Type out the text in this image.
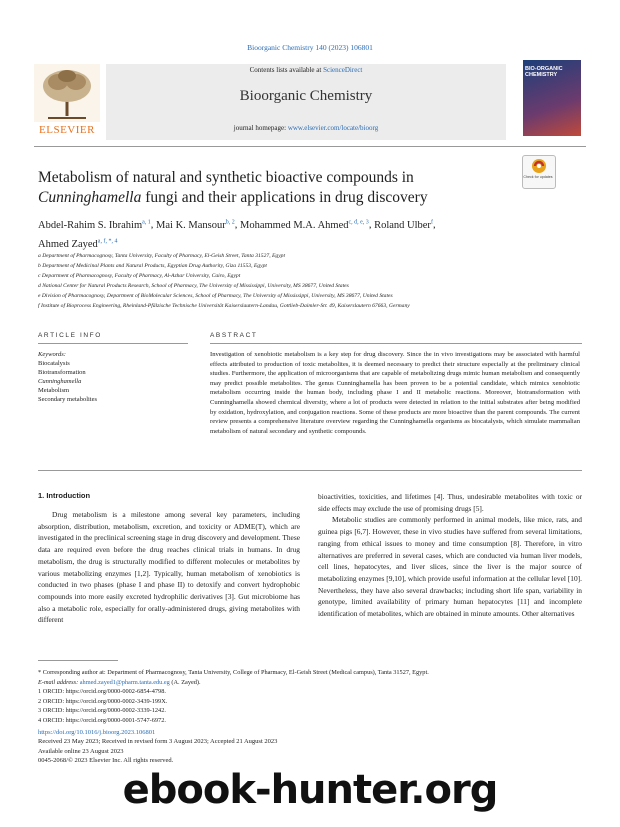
Bioorganic Chemistry 140 (2023) 106801
ELSEVIER
Contents lists available at ScienceDirect
Bioorganic Chemistry
journal homepage: www.elsevier.com/locate/bioorg
BIO-ORGANIC CHEMISTRY
Metabolism of natural and synthetic bioactive compounds in
Cunninghamella fungi and their applications in drug discovery
Check for updates
Abdel-Rahim S. Ibrahim$^{a, 1}$, Mai K. Mansour$^{b, 2}$, Mohammed M.A. Ahmed$^{c, d, e, 3}$, Roland Ulber$^f$,
Ahmed Zayed$^{a, f, *, 4}$
a Department of Pharmacognosy, Tanta University, Faculty of Pharmacy, El-Geish Street, Tanta 31527, Egypt
b Department of Medicinal Plants and Natural Products, Egyptian Drug Authority, Giza 11553, Egypt
c Department of Pharmacognosy, Faculty of Pharmacy, Al-Azhar University, Cairo, Egypt
d National Center for Natural Products Research, School of Pharmacy, The University of Mississippi, University, MS 38677, United States
e Division of Pharmacognosy, Department of BioMolecular Sciences, School of Pharmacy, The University of Mississippi, University, MS 38677, United States
f Institute of Bioprocess Engineering, Rheinland-Pfälzische Technische Universität Kaiserslautern-Landau, Gottlieb-Daimler-Str. 49, Kaiserslautern 67663, Germany
ARTICLE INFO	ABSTRACT
Keywords:
Biocatalysis
Biotransformation
Cunninghamella
Metabolism
Secondary metabolites
Investigation of xenobiotic metabolism is a key step for drug discovery. Since the in vivo investigations may be associated with harmful effects attributed to production of toxic metabolites, it is deemed necessary to predict their structure especially at the preliminary clinical studies. Furthermore, the application of microorganisms that are capable of metabolizing drugs mimic human metabolism and consequently may predict possible metabolites. The genus Cunninghamella has been proven to be a potential candidate, which mimics xenobiotic metabolism occurring inside the human body, including phase I and II metabolic reactions. Moreover, biotransformation with Cunninghamella showed chemical diversity, where a lot of products were detected in relation to the initial substrates after being modified by oxidation, hydroxylation, and conjugation reactions. Some of these products are more bioactive than the parent compounds. The current review presents a comprehensive literature overview regarding the Cunninghamella organisms as biocatalysts, which simulate mammalian metabolism of natural secondary and synthetic compounds.
1. Introduction
Drug metabolism is a milestone among several key parameters, including absorption, distribution, metabolism, excretion, and toxicity or ADME(T), which are investigated in the preclinical screening stage in drug discovery and development. These data are required even before the drug reaches clinical trials in humans. In drug metabolism, the drug is structurally modified to different molecules or metabolites by various metabolizing enzymes [1,2]. Typically, human metabolism of xenobiotics is conducted in two phases (phase I and phase II) to detoxify and convert hydrophobic compounds into more easily excreted hydrophilic derivatives [3]. Gut microbiome has also a metabolic role, especially for orally-administered drugs, giving metabolites with different

bioactivities, toxicities, and lifetimes [4]. Thus, undesirable metabolites with toxic or side effects may exclude the use of promising drugs [5].

Metabolic studies are commonly performed in animal models, like mice, rats, and guinea pigs [6,7]. However, these in vivo studies have suffered from several limitations, ranging from ethical issues to money and time consumption [8]. Therefore, in vitro alternatives are preferred in several cases, which are conducted via human liver models, cell lines, hepatocytes, and liver slices, since the liver is the major source of metabolizing enzymes [9,10], which provide useful information at the cellular level [10]. Nevertheless, they have also several drawbacks; including short life span, variability in genotype, limited availability of primary human hepatocytes [11] and incomplete identification of metabolites, which are obtained in minute amounts. Other alternatives

* Corresponding author at: Department of Pharmacognosy, Tanta University, College of Pharmacy, El-Geish Street (Medical campus), Tanta 31527, Egypt.
E-mail address: ahmed.zayed1@pharm.tanta.edu.eg (A. Zayed).
1 ORCID: https://orcid.org/0000-0002-6854-4798.
2 ORCID: https://orcid.org/0000-0002-3439-199X.
3 ORCID: https://orcid.org/0000-0002-3339-1242.
4 ORCID: https://orcid.org/0000-0001-5747-6972.
https://doi.org/10.1016/j.bioorg.2023.106801
Received 23 May 2023; Received in revised form 3 August 2023; Accepted 21 August 2023
Available online 23 August 2023
0045-2068/© 2023 Elsevier Inc. All rights reserved.
ebook-hunter.org
